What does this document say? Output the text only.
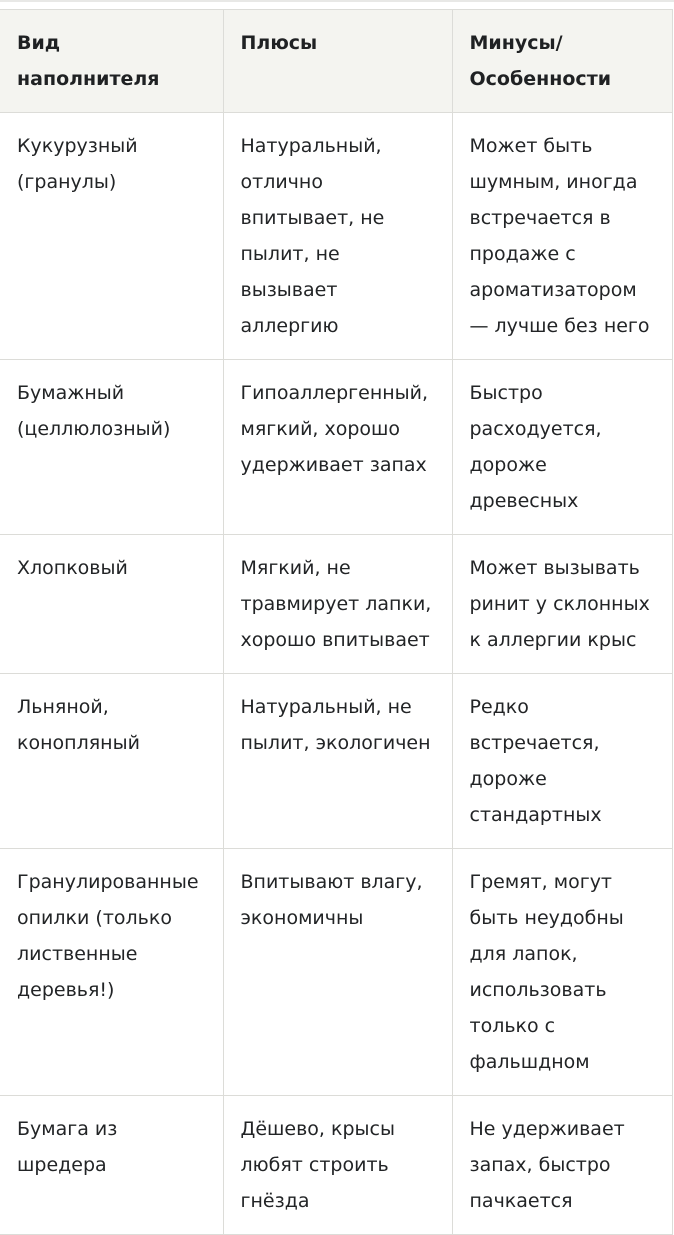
Вид наполнителя	Плюсы	Минусы/ Особенности
Кукурузный (гранулы)	Натуральный, отлично впитывает, не пылит, не вызывает аллергию	Может быть шумным, иногда встречается в продаже с ароматизатором — лучше без него
Бумажный (целлюлозный)	Гипоаллергенный, мягкий, хорошо удерживает запах	Быстро расходуется, дороже древесных
Хлопковый	Мягкий, не травмирует лапки, хорошо впитывает	Может вызывать ринит у склонных к аллергии крыс
Льняной, конопляный	Натуральный, не пылит, экологичен	Редко встречается, дороже стандартных
Гранулированные опилки (только лиственные деревья!)	Впитывают влагу, экономичны	Гремят, могут быть неудобны для лапок, использовать только с фальшдном
Бумага из шредера	Дёшево, крысы любят строить гнёзда	Не удерживает запах, быстро пачкается
